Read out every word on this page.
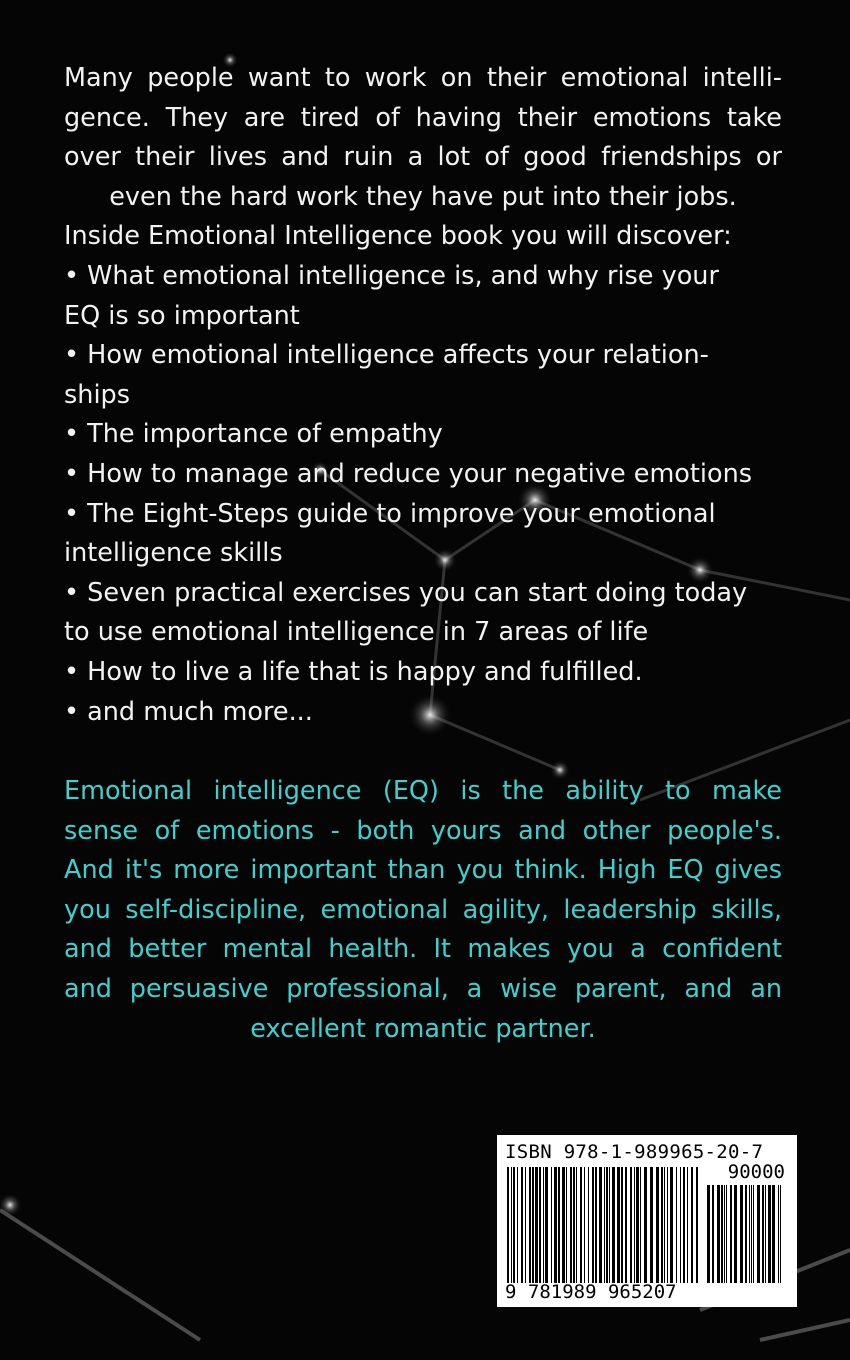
Many people want to work on their emotional intelli-
gence. They are tired of having their emotions take
over their lives and ruin a lot of good friendships or
even the hard work they have put into their jobs.
Inside Emotional Intelligence book you will discover:
• What emotional intelligence is, and why rise your
EQ is so important
• How emotional intelligence affects your relation-
ships
• The importance of empathy
• How to manage and reduce your negative emotions
• The Eight-Steps guide to improve your emotional
intelligence skills
• Seven practical exercises you can start doing today
to use emotional intelligence in 7 areas of life
• How to live a life that is happy and fulfilled.
• and much more...
Emotional intelligence (EQ) is the ability to make
sense of emotions - both yours and other people's.
And it's more important than you think. High EQ gives
you self-discipline, emotional agility, leadership skills,
and better mental health. It makes you a confident
and persuasive professional, a wise parent, and an
excellent romantic partner.
ISBN 978-1-989965-20-7
90000
9 781989 965207
